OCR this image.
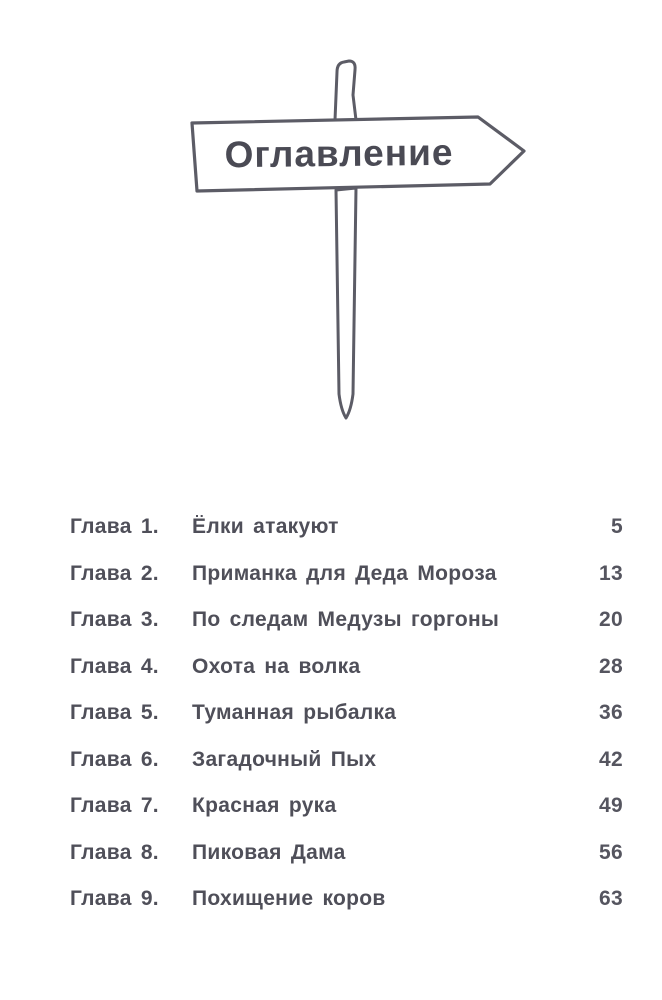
Оглавление
Глава 1.	Ёлки атакуют	5
Глава 2.	Приманка для Деда Мороза	13
Глава 3.	По следам Медузы горгоны	20
Глава 4.	Охота на волка	28
Глава 5.	Туманная рыбалка	36
Глава 6.	Загадочный Пых	42
Глава 7.	Красная рука	49
Глава 8.	Пиковая Дама	56
Глава 9.	Похищение коров	63
